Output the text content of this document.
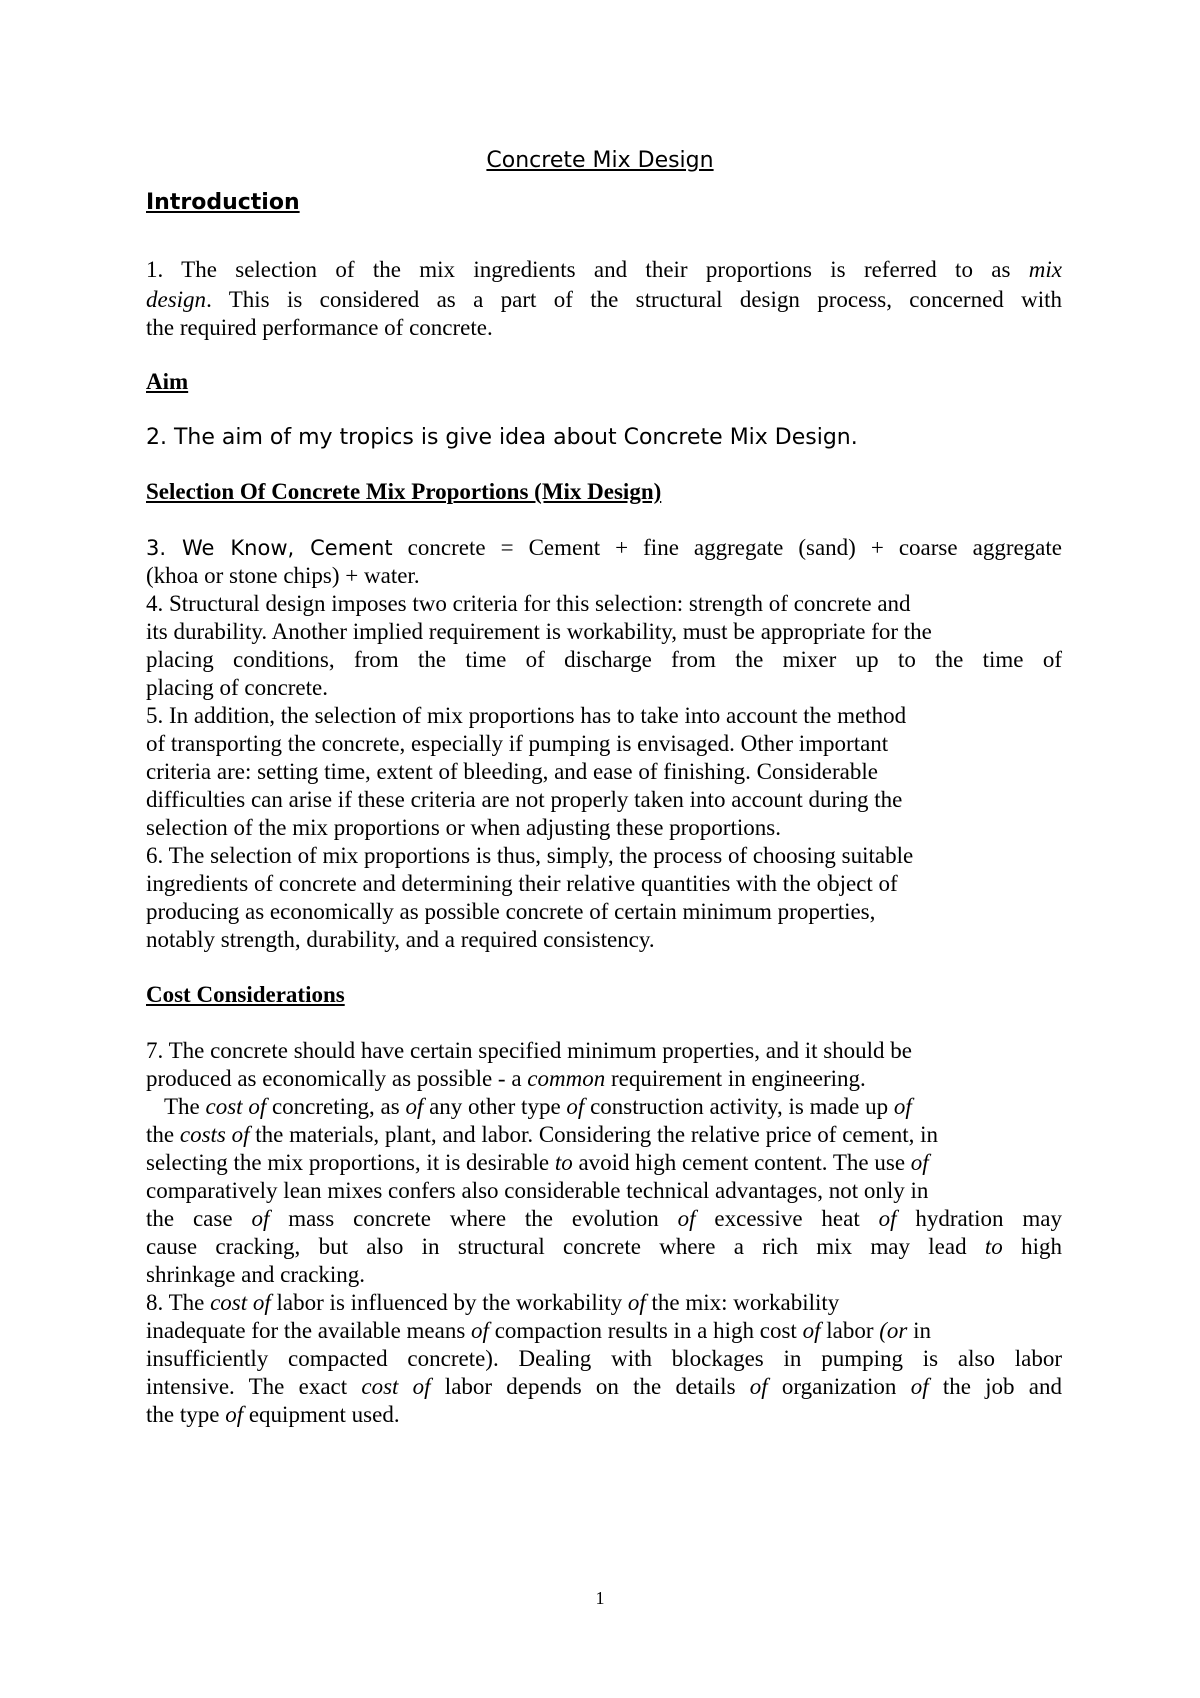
Concrete Mix Design
Introduction
1. The selection of the mix ingredients and their proportions is referred to as mix
design. This is considered as a part of the structural design process, concerned with
the required performance of concrete.
Aim
2. The aim of my tropics is give idea about Concrete Mix Design.
Selection Of Concrete Mix Proportions (Mix Design)
3. We Know, Cement concrete = Cement + fine aggregate (sand) + coarse aggregate
(khoa or stone chips) + water.
4. Structural design imposes two criteria for this selection: strength of concrete and
its durability. Another implied requirement is workability, must be appropriate for the
placing conditions, from the time of discharge from the mixer up to the time of
placing of concrete.
5. In addition, the selection of mix proportions has to take into account the method
of transporting the concrete, especially if pumping is envisaged. Other important
criteria are: setting time, extent of bleeding, and ease of finishing. Considerable
difficulties can arise if these criteria are not properly taken into account during the
selection of the mix proportions or when adjusting these proportions.
6. The selection of mix proportions is thus, simply, the process of choosing suitable
ingredients of concrete and determining their relative quantities with the object of
producing as economically as possible concrete of certain minimum properties,
notably strength, durability, and a required consistency.
Cost Considerations
7. The concrete should have certain specified minimum properties, and it should be
produced as economically as possible - a common requirement in engineering.
The cost of concreting, as of any other type of construction activity, is made up of
the costs of the materials, plant, and labor. Considering the relative price of cement, in
selecting the mix proportions, it is desirable to avoid high cement content. The use of
comparatively lean mixes confers also considerable technical advantages, not only in
the case of mass concrete where the evolution of excessive heat of hydration may
cause cracking, but also in structural concrete where a rich mix may lead to high
shrinkage and cracking.
8. The cost of labor is influenced by the workability of the mix: workability
inadequate for the available means of compaction results in a high cost of labor (or in
insufficiently compacted concrete). Dealing with blockages in pumping is also labor
intensive. The exact cost of labor depends on the details of organization of the job and
the type of equipment used.
1
